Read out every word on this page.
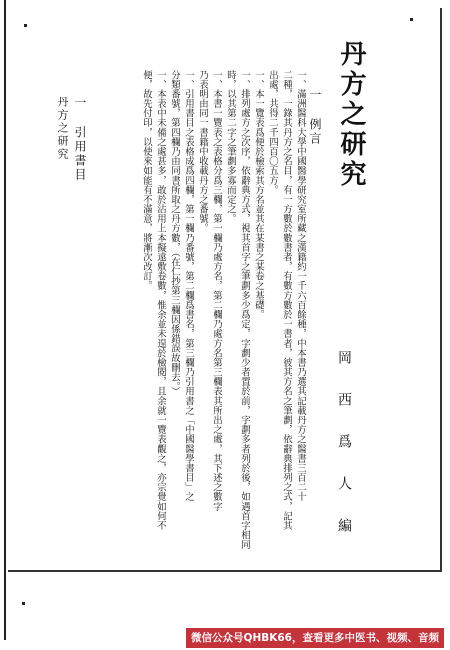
丹方之研究
岡 西 爲 人 編
一 例言
一、滿洲醫科大學中國醫學研究室所藏之漢籍約一千六百餘種，中本書乃選其記載丹方之醫書三百二十
二種，一錄其丹方之名目，有一方數於數書者，有數方數於一書者，彼其方名之筆劃，依辭典排列之式，記其
出處，共得二千四百〇五方。
一、本一覽表爲便於檢索其方名並其在某書之某卷之基礎。
一、排列處方之次序，依辭典方式，視其首字之筆劃多少爲定，字劃少者置於前，字劃多者列於後，如遇首字相同
時，以其第二字之筆劃多寡而定之。
一、本書一覽表之表格分爲三欄，第一欄乃處方名，第二欄乃處方名第三欄表其所出之處，其下述之數字
乃表明由同一書籍中收載丹方之番號。
一、引用書目之表格成爲四欄，第一欄乃番號，第二欄爲書名，第三欄乃引用書之「中國醫學書目」之
分類番號，第四欄乃由同書所取之丹方數，（在仁抄第三欄因係錯誤故刪去。）
一、本表中未備之處甚多，敢於沾用上本擬遠敷卷數，惟余並未遑於檢閱，且余就一覽表觀之，亦宗覺如何不
便，故先付印，以使來如能有不滿意，將漸次改訂。
丹方之研究 一 引用書目
微信公众号QHBK66，查看更多中医书、视频、音频
